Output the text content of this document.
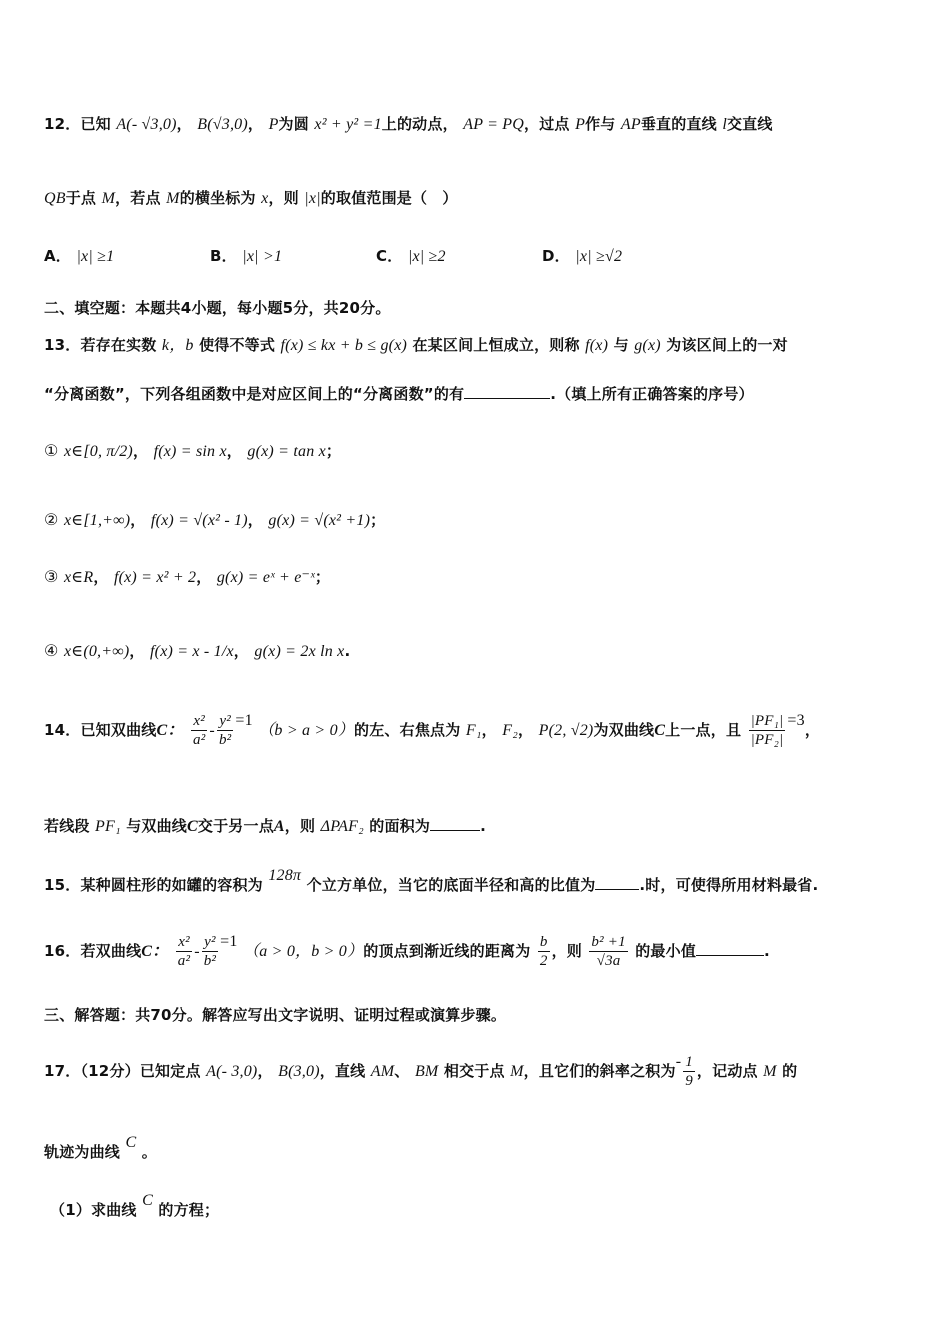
12．已知 A(- √3,0)， B(√3,0)， P为圆 x² + y² =1上的动点， AP = PQ，过点 P作与 AP垂直的直线 l交直线
QB于点 M，若点 M的横坐标为 x，则 |x|的取值范围是（　）
A． |x| ≥1	B． |x| >1	C． |x| ≥2	D． |x| ≥√2
二、填空题：本题共4小题，每小题5分，共20分。
13．若存在实数 k，b 使得不等式 f(x) ≤ kx + b ≤ g(x) 在某区间上恒成立，则称 f(x) 与 g(x) 为该区间上的一对
“分离函数”，下列各组函数中是对应区间上的“分离函数”的有	.（填上所有正确答案的序号）
① x∈[0, π/2)， f(x) = sin x， g(x) = tan x；
② x∈[1,+∞)， f(x) = √(x² - 1)， g(x) = √(x² +1)；
③ x∈R， f(x) = x² + 2， g(x) = eˣ + e⁻ˣ；
④ x∈(0,+∞)， f(x) = x - 1/x， g(x) = 2x ln x.
14．已知双曲线C： $\frac{\text{x²}}{\text{a²}} - \frac{\text{y²}}{\text{b²}} =1$ （b > a > 0）的左、右焦点为 F₁， F₂， P(2, √2)为双曲线C上一点，且 $\frac{\text{|PF₁|}}{\text{|PF₂|}} =3$，
若线段 PF₁ 与双曲线C交于另一点A，则 ΔPAF₂ 的面积为	.
15．某种圆柱形的如罐的容积为 128π 个立方单位，当它的底面半径和高的比值为	.时，可使得所用材料最省.
16．若双曲线C： $\frac{\text{x²}}{\text{a²}} - \frac{\text{y²}}{\text{b²}} =1$ （a > 0，b > 0）的顶点到渐近线的距离为 $\frac{b}{2}$ ，则 $\frac{\text{b² +1}}{√3a}$ 的最小值	.
三、解答题：共70分。解答应写出文字说明、证明过程或演算步骤。
17．（12分）已知定点 A(- 3,0)， B(3,0)，直线 AM、 BM 相交于点 M，且它们的斜率之积为- $\frac{1}{9}$ ，记动点 M 的
轨迹为曲线 C 。
（1）求曲线 C 的方程；
